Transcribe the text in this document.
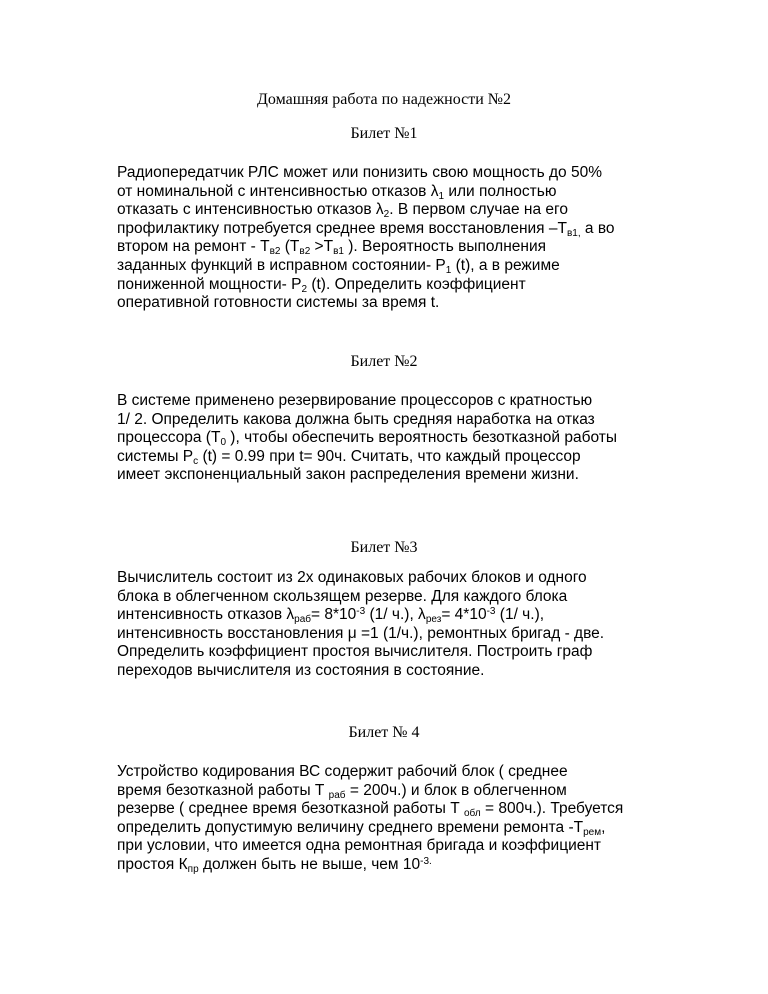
Домашняя работа по надежности №2
Билет №1

Радиопередатчик РЛС может или понизить свою мощность до 50%
от номинальной с интенсивностью отказов $\lambda_1$ или полностью
отказать с интенсивностью отказов $\lambda_2$. В первом случае на его
профилактику потребуется среднее время восстановления $-Т_{в1,}$ а во
втором на ремонт - $Т_{в2}$ ($Т_{в2} >Т_{в1}$ ). Вероятность выполнения
заданных функций в исправном состоянии- $Р_1$ (t), а в режиме
пониженной мощности- $Р_2$ (t). Определить коэффициент
оперативной готовности системы за время t.

Билет №2

В системе применено резервирование процессоров с кратностью
1/ 2. Определить какова должна быть средняя наработка на отказ
процессора ($Т_0$ ), чтобы обеспечить вероятность безотказной работы
системы $Р_с$ (t) = 0.99 при t= 90ч. Считать, что каждый процессор
имеет экспоненциальный закон распределения времени жизни.

Билет №3

Вычислитель состоит из 2х одинаковых рабочих блоков и одного
блока в облегченном скользящем резерве. Для каждого блока
интенсивность отказов $\lambda_{раб}= 8*10^{-3}$ (1/ ч.), $\lambda_{рез}= 4*10^{-3}$ (1/ ч.),
интенсивность восстановления μ =1 (1/ч.), ремонтных бригад - две.
Определить коэффициент простоя вычислителя. Построить граф
переходов вычислителя из состояния в состояние.

Билет № 4

Устройство кодирования ВС содержит рабочий блок ( среднее
время безотказной работы Т $_{раб}$ = 200ч.) и блок в облегченном
резерве ( среднее время безотказной работы Т $_{обл}$ = 800ч.). Требуется
определить допустимую величину среднего времени ремонта $-Т_{рем}$,
при условии, что имеется одна ремонтная бригада и коэффициент
простоя $К_{пр}$ должен быть не выше, чем $10^{-3.}$
